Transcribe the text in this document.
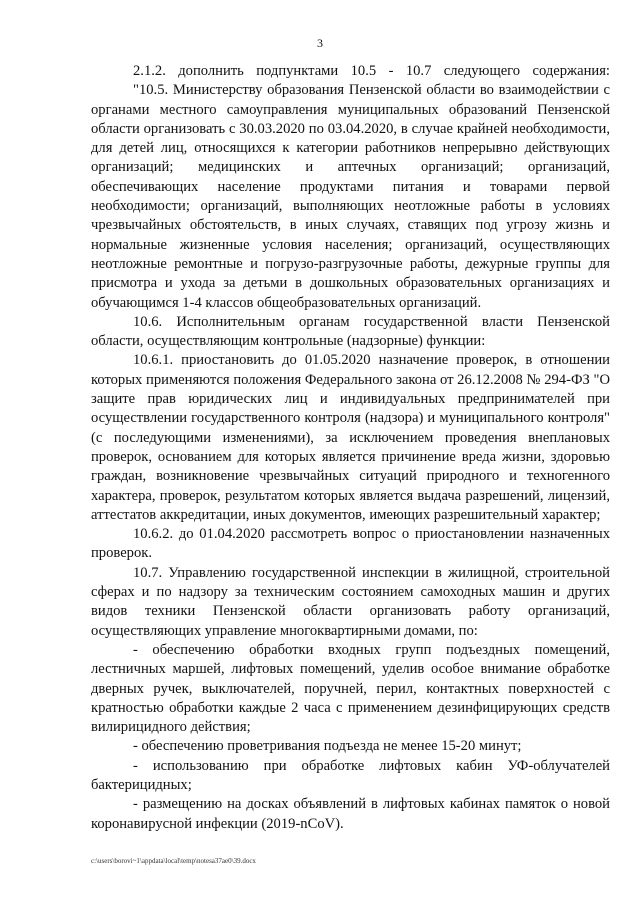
3

2.1.2. дополнить подпунктами 10.5 - 10.7 следующего содержания:

"10.5. Министерству образования Пензенской области во взаимодействии с органами местного самоуправления муниципальных образований Пензенской области организовать с 30.03.2020 по 03.04.2020, в случае крайней необходимости, для детей лиц, относящихся к категории работников непрерывно действующих организаций; медицинских и аптечных организаций; организаций, обеспечивающих население продуктами питания и товарами первой необходимости; организаций, выполняющих неотложные работы в условиях чрезвычайных обстоятельств, в иных случаях, ставящих под угрозу жизнь и нормальные жизненные условия населения; организаций, осуществляющих неотложные ремонтные и погрузо-разгрузочные работы, дежурные группы для присмотра и ухода за детьми в дошкольных образовательных организациях и обучающимся 1-4 классов общеобразовательных организаций.

10.6. Исполнительным органам государственной власти Пензенской области, осуществляющим контрольные (надзорные) функции:

10.6.1. приостановить до 01.05.2020 назначение проверок, в отношении которых применяются положения Федерального закона от 26.12.2008 № 294-ФЗ "О защите прав юридических лиц и индивидуальных предпринимателей при осуществлении государственного контроля (надзора) и муниципального контроля" (с последующими изменениями), за исключением проведения внеплановых проверок, основанием для которых является причинение вреда жизни, здоровью граждан, возникновение чрезвычайных ситуаций природного и техногенного характера, проверок, результатом которых является выдача разрешений, лицензий, аттестатов аккредитации, иных документов, имеющих разрешительный характер;

10.6.2. до 01.04.2020 рассмотреть вопрос о приостановлении назначенных проверок.

10.7. Управлению государственной инспекции в жилищной, строительной сферах и по надзору за техническим состоянием самоходных машин и других видов техники Пензенской области организовать работу организаций, осуществляющих управление многоквартирными домами, по:

- обеспечению обработки входных групп подъездных помещений, лестничных маршей, лифтовых помещений, уделив особое внимание обработке дверных ручек, выключателей, поручней, перил, контактных поверхностей с кратностью обработки каждые 2 часа с применением дезинфицирующих средств вилирицидного действия;

- обеспечению проветривания подъезда не менее 15-20 минут;

- использованию при обработке лифтовых кабин УФ-облучателей бактерицидных;

- размещению на досках объявлений в лифтовых кабинах памяток о новой коронавирусной инфекции (2019-nCoV).

c:\users\borovi~1\appdata\local\temp\notesa37ae0\39.docx
